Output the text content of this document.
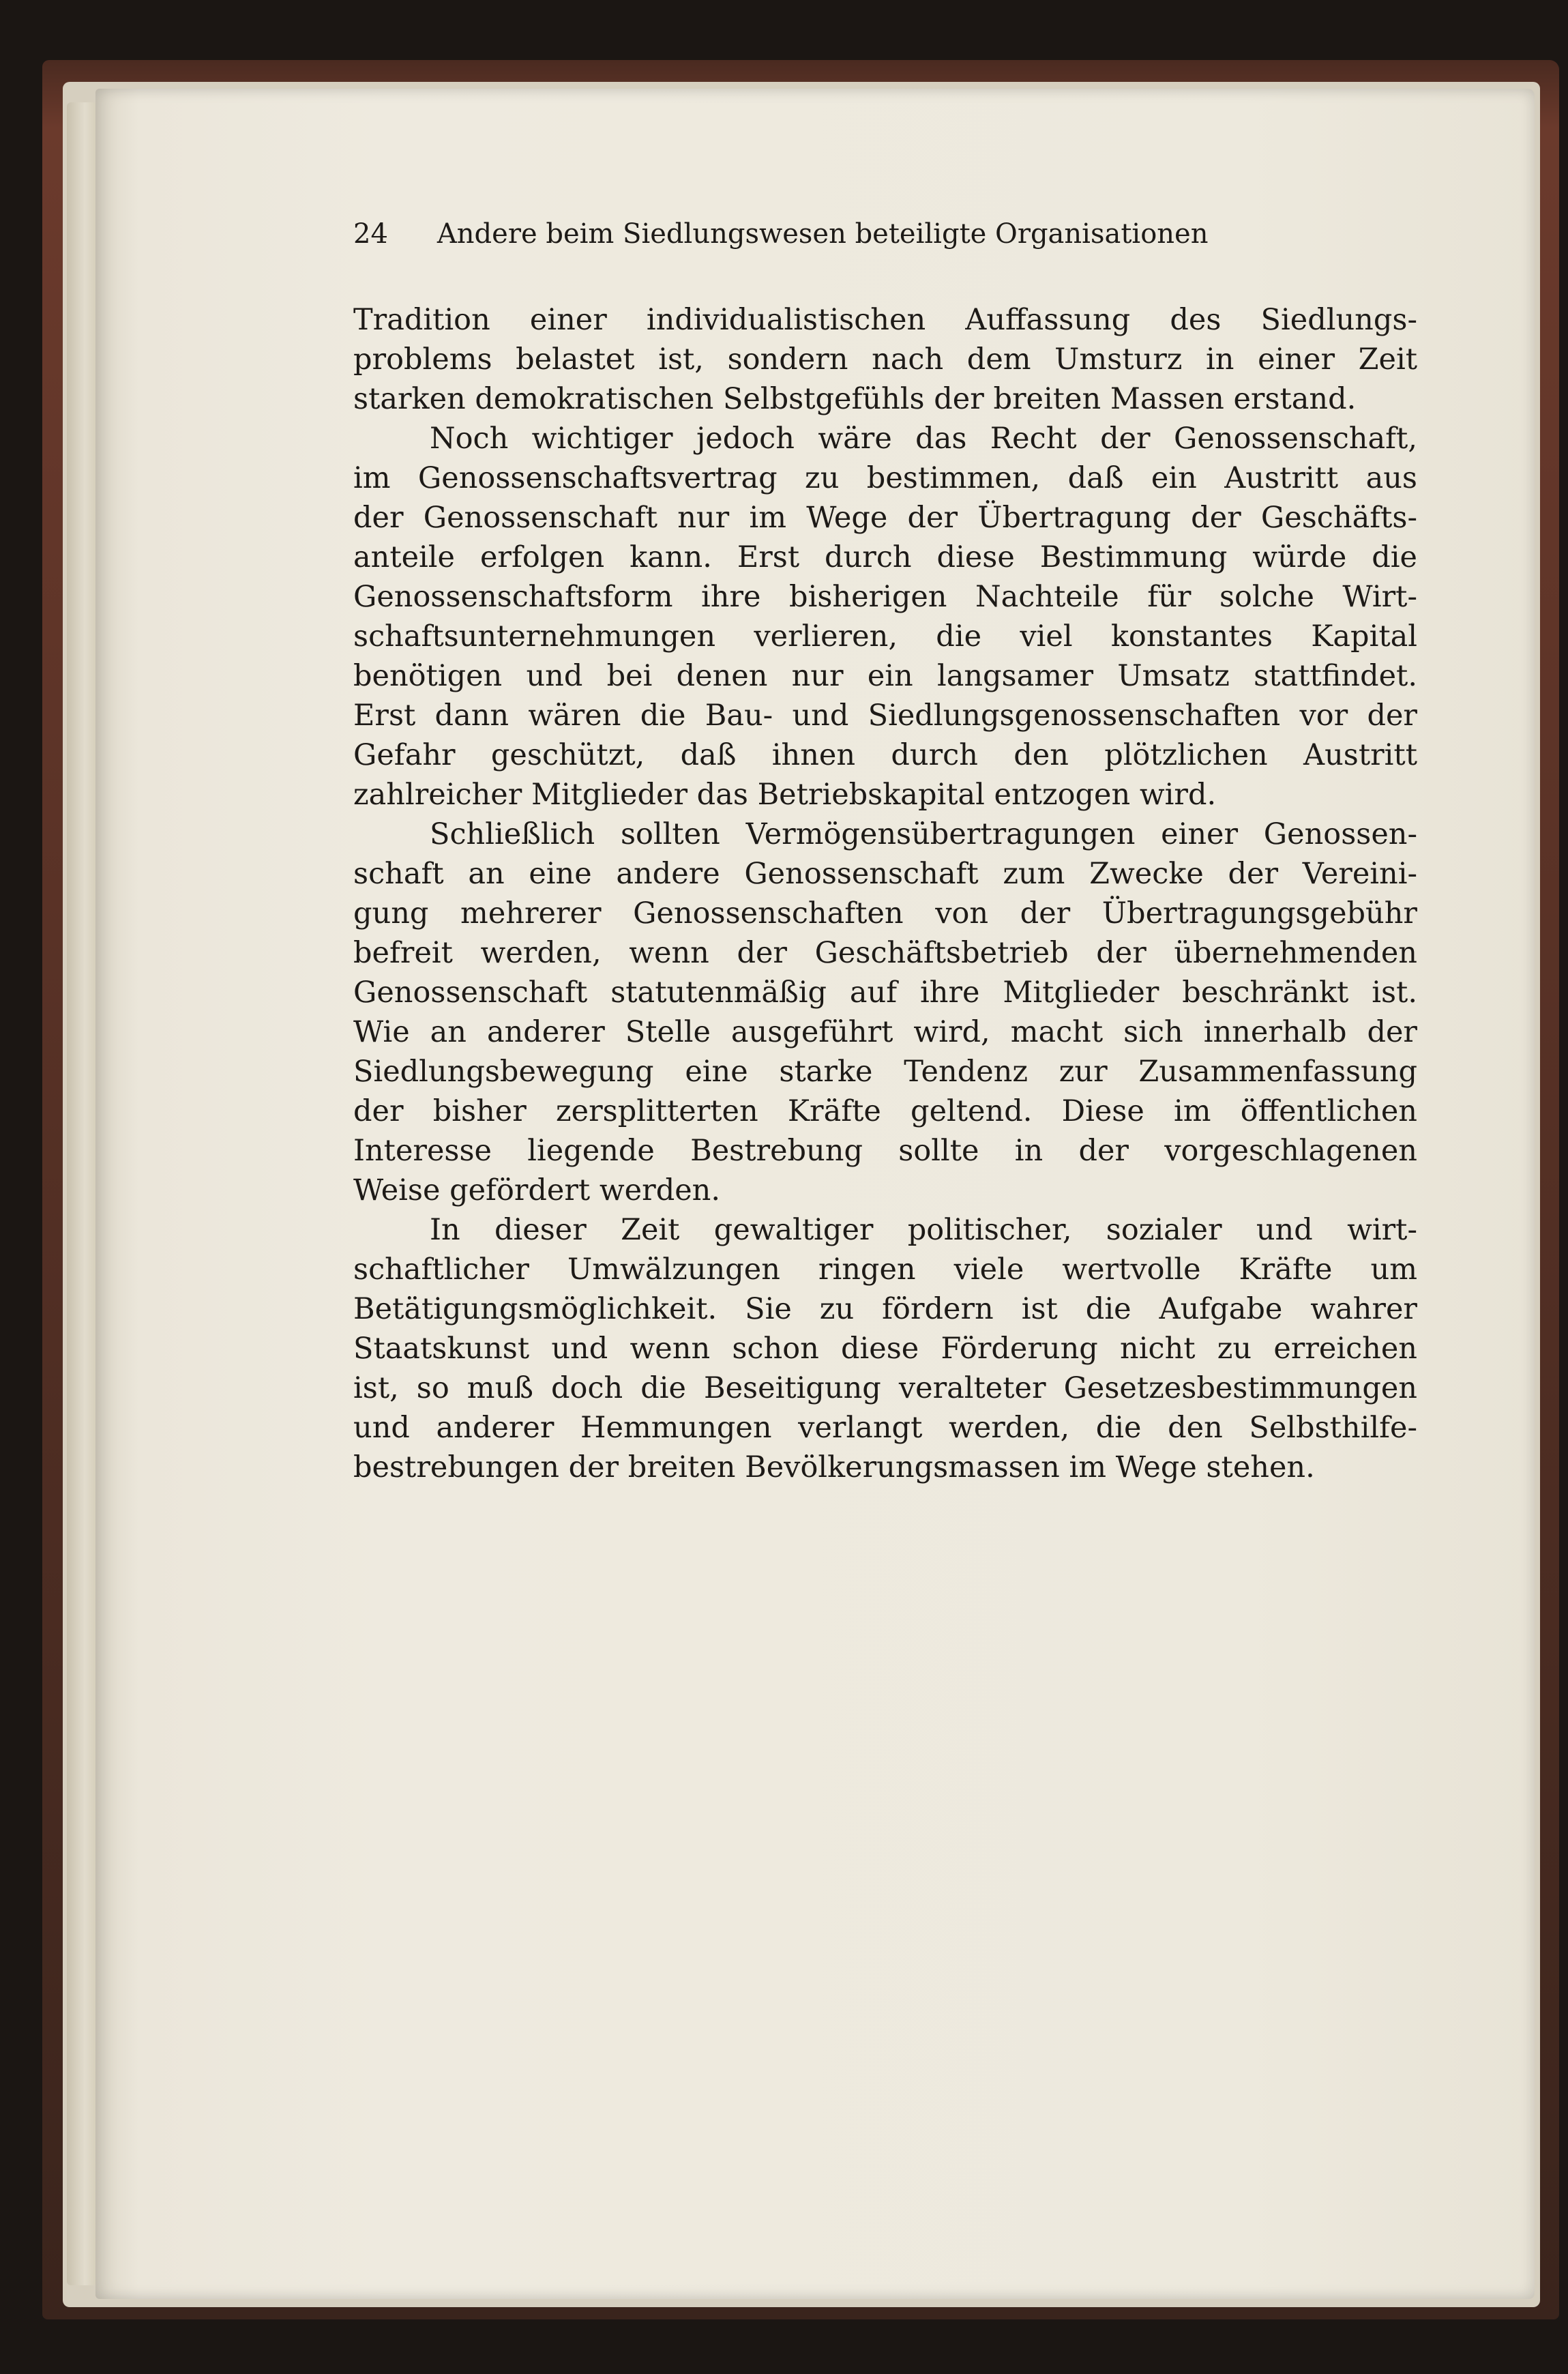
24 Andere beim Siedlungswesen beteiligte Organisationen

Tradition einer individualistischen Auffassung des Siedlungs-
problems belastet ist, sondern nach dem Umsturz in einer Zeit
starken demokratischen Selbstgefühls der breiten Massen erstand.

Noch wichtiger jedoch wäre das Recht der Genossenschaft,
im Genossenschaftsvertrag zu bestimmen, daß ein Austritt aus
der Genossenschaft nur im Wege der Übertragung der Geschäfts-
anteile erfolgen kann. Erst durch diese Bestimmung würde die
Genossenschaftsform ihre bisherigen Nachteile für solche Wirt-
schaftsunternehmungen verlieren, die viel konstantes Kapital
benötigen und bei denen nur ein langsamer Umsatz stattfindet.
Erst dann wären die Bau- und Siedlungsgenossenschaften vor der
Gefahr geschützt, daß ihnen durch den plötzlichen Austritt
zahlreicher Mitglieder das Betriebskapital entzogen wird.

Schließlich sollten Vermögensübertragungen einer Genossen-
schaft an eine andere Genossenschaft zum Zwecke der Vereini-
gung mehrerer Genossenschaften von der Übertragungsgebühr
befreit werden, wenn der Geschäftsbetrieb der übernehmenden
Genossenschaft statutenmäßig auf ihre Mitglieder beschränkt ist.
Wie an anderer Stelle ausgeführt wird, macht sich innerhalb der
Siedlungsbewegung eine starke Tendenz zur Zusammenfassung
der bisher zersplitterten Kräfte geltend. Diese im öffentlichen
Interesse liegende Bestrebung sollte in der vorgeschlagenen
Weise gefördert werden.

In dieser Zeit gewaltiger politischer, sozialer und wirt-
schaftlicher Umwälzungen ringen viele wertvolle Kräfte um
Betätigungsmöglichkeit. Sie zu fördern ist die Aufgabe wahrer
Staatskunst und wenn schon diese Förderung nicht zu erreichen
ist, so muß doch die Beseitigung veralteter Gesetzesbestimmungen
und anderer Hemmungen verlangt werden, die den Selbsthilfe-
bestrebungen der breiten Bevölkerungsmassen im Wege stehen.
